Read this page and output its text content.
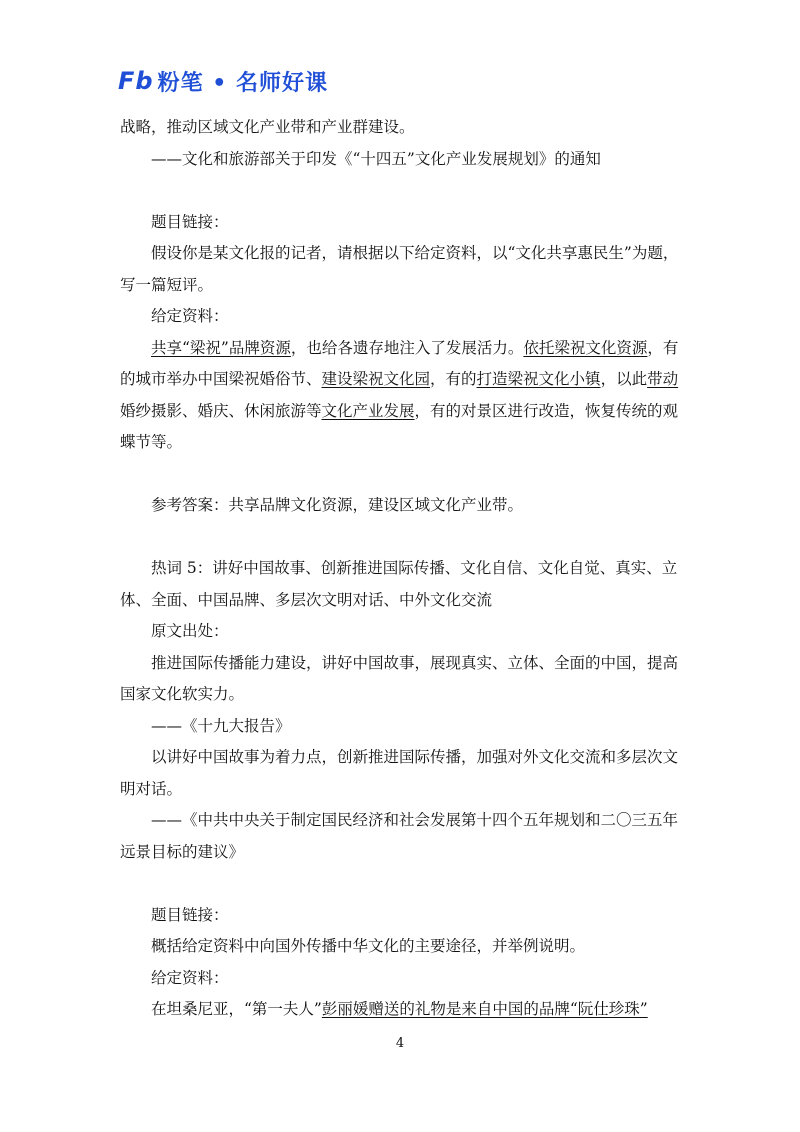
Fb 粉笔 • 名师好课

战略，推动区域文化产业带和产业群建设。

——文化和旅游部关于印发《“十四五”文化产业发展规划》的通知

题目链接：

假设你是某文化报的记者，请根据以下给定资料，以“文化共享惠民生”为题，写一篇短评。

给定资料：

共享“梁祝”品牌资源，也给各遗存地注入了发展活力。依托梁祝文化资源，有的城市举办中国梁祝婚俗节、建设梁祝文化园，有的打造梁祝文化小镇，以此带动婚纱摄影、婚庆、休闲旅游等文化产业发展，有的对景区进行改造，恢复传统的观蝶节等。

参考答案：共享品牌文化资源，建设区域文化产业带。

热词 5：讲好中国故事、创新推进国际传播、文化自信、文化自觉、真实、立体、全面、中国品牌、多层次文明对话、中外文化交流

原文出处：

推进国际传播能力建设，讲好中国故事，展现真实、立体、全面的中国，提高国家文化软实力。

——《十九大报告》

以讲好中国故事为着力点，创新推进国际传播，加强对外文化交流和多层次文明对话。

——《中共中央关于制定国民经济和社会发展第十四个五年规划和二〇三五年远景目标的建议》

题目链接：

概括给定资料中向国外传播中华文化的主要途径，并举例说明。

给定资料：

在坦桑尼亚，“第一夫人”彭丽媛赠送的礼物是来自中国的品牌“阮仕珍珠”

4
